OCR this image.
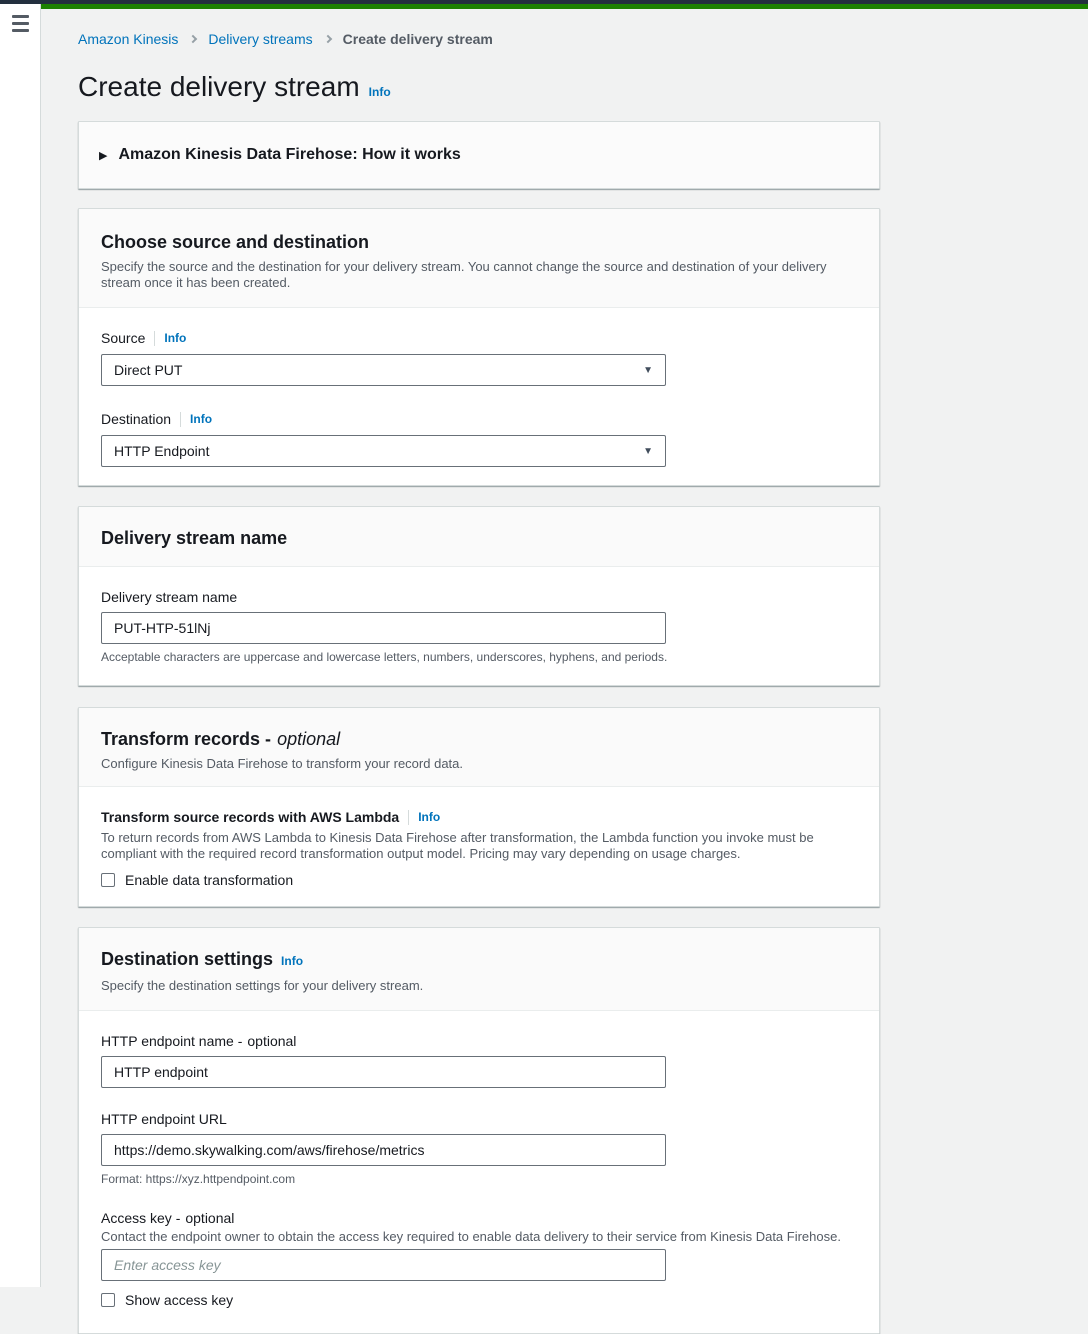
Amazon Kinesis Delivery streams Create delivery stream
Create delivery stream Info
▶ Amazon Kinesis Data Firehose: How it works
Choose source and destination
Specify the source and the destination for your delivery stream. You cannot change the source and destination of your delivery stream once it has been created.
Source Info
Direct PUT	▼
Destination Info
HTTP Endpoint	▼
Delivery stream name
Delivery stream name
PUT-HTP-51lNj
Acceptable characters are uppercase and lowercase letters, numbers, underscores, hyphens, and periods.
Transform records - optional
Configure Kinesis Data Firehose to transform your record data.
Transform source records with AWS Lambda Info
To return records from AWS Lambda to Kinesis Data Firehose after transformation, the Lambda function you invoke must be compliant with the required record transformation output model. Pricing may vary depending on usage charges.
Enable data transformation
Destination settings Info
Specify the destination settings for your delivery stream.
HTTP endpoint name - optional
HTTP endpoint
HTTP endpoint URL
https://demo.skywalking.com/aws/firehose/metrics
Format: https://xyz.httpendpoint.com
Access key - optional
Contact the endpoint owner to obtain the access key required to enable data delivery to their service from Kinesis Data Firehose.
Enter access key
Show access key
